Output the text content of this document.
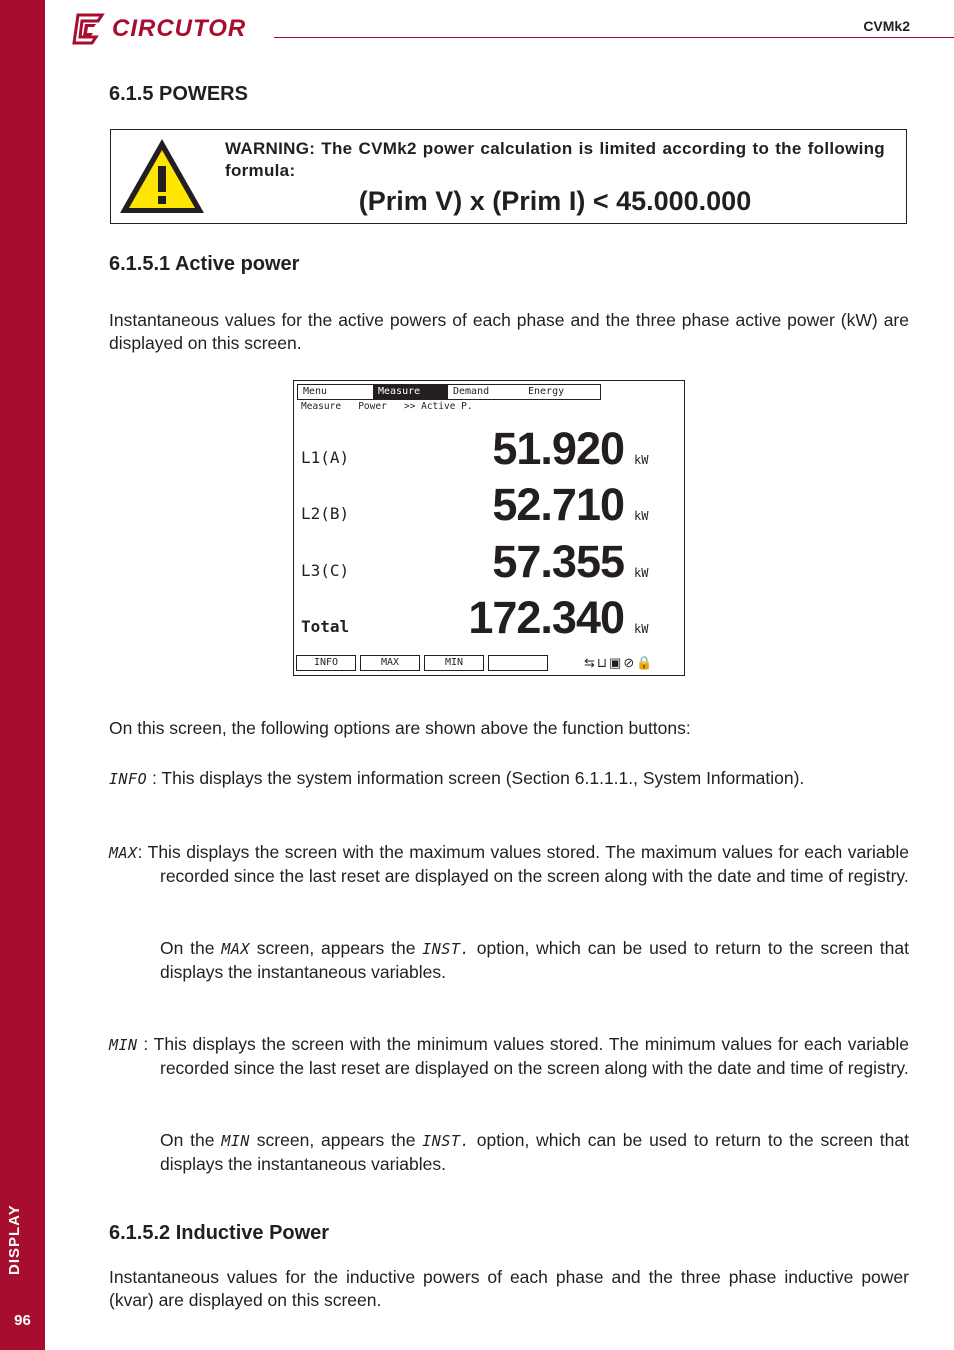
DISPLAY
96
CIRCUTOR	CVMk2
6.1.5 POWERS
WARNING: The CVMk2 power calculation is limited according to the following formula:
(Prim V) x (Prim I) < 45.000.000
6.1.5.1 Active power

Instantaneous values for the active powers of each phase and the three phase active power (kW) are displayed on this screen.

Menu	Measure	Demand	Energy
Measure   Power   >> Active P.
L1(A)	51.920 kW
L2(B)	52.710 kW
L3(C)	57.355 kW
Total	172.340 kW
INFO	MAX	MIN	⇆⊔▣⊘🔒

On this screen, the following options are shown above the function buttons:

INFO : This displays the system information screen (Section 6.1.1.1., System Information).

MAX: This displays the screen with the maximum values stored. The maximum values for each variable recorded since the last reset are displayed on the screen along with the date and time of registry.

On the MAX screen, appears the INST. option, which can be used to return to the screen that displays the instantaneous variables.

MIN : This displays the screen with the minimum values stored. The minimum values for each variable recorded since the last reset are displayed on the screen along with the date and time of registry.

On the MIN screen, appears the INST. option, which can be used to return to the screen that displays the instantaneous variables.

6.1.5.2 Inductive Power

Instantaneous values for the inductive powers of each phase and the three phase inductive power (kvar) are displayed on this screen.
